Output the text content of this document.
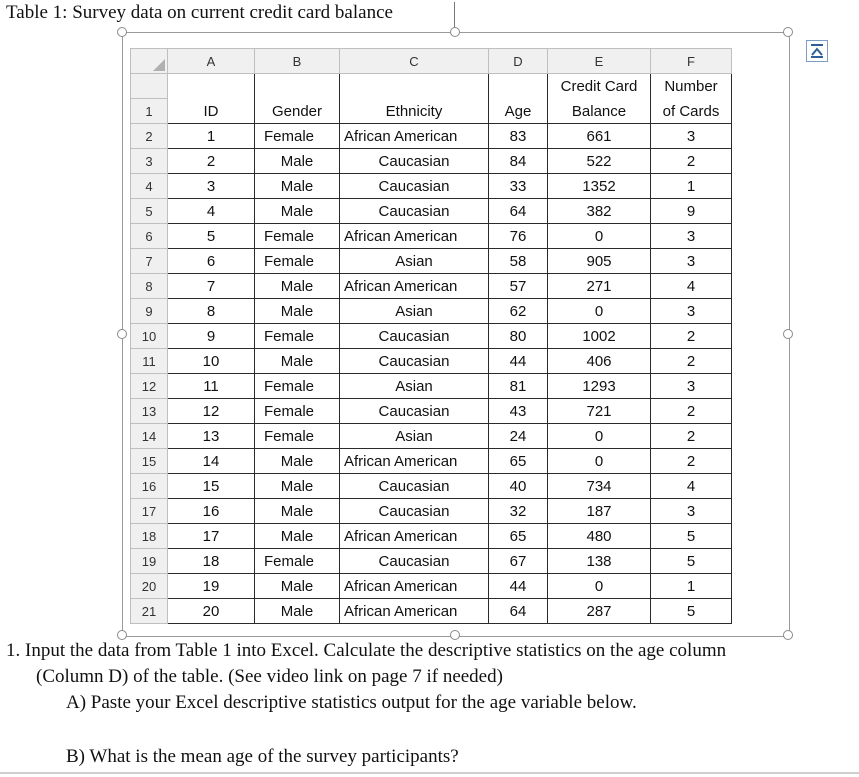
Table 1: Survey data on current credit card balance
	A	B	C	D	E	F
					Credit Card	Number
1	ID	Gender	Ethnicity	Age	Balance	of Cards
2	1	Female	African American	83	661	3
3	2	Male	Caucasian	84	522	2
4	3	Male	Caucasian	33	1352	1
5	4	Male	Caucasian	64	382	9
6	5	Female	African American	76	0	3
7	6	Female	Asian	58	905	3
8	7	Male	African American	57	271	4
9	8	Male	Asian	62	0	3
10	9	Female	Caucasian	80	1002	2
11	10	Male	Caucasian	44	406	2
12	11	Female	Asian	81	1293	3
13	12	Female	Caucasian	43	721	2
14	13	Female	Asian	24	0	2
15	14	Male	African American	65	0	2
16	15	Male	Caucasian	40	734	4
17	16	Male	Caucasian	32	187	3
18	17	Male	African American	65	480	5
19	18	Female	Caucasian	67	138	5
20	19	Male	African American	44	0	1
21	20	Male	African American	64	287	5
1. Input the data from Table 1 into Excel. Calculate the descriptive statistics on the age column
(Column D) of the table. (See video link on page 7 if needed)
A) Paste your Excel descriptive statistics output for the age variable below.
B) What is the mean age of the survey participants?
